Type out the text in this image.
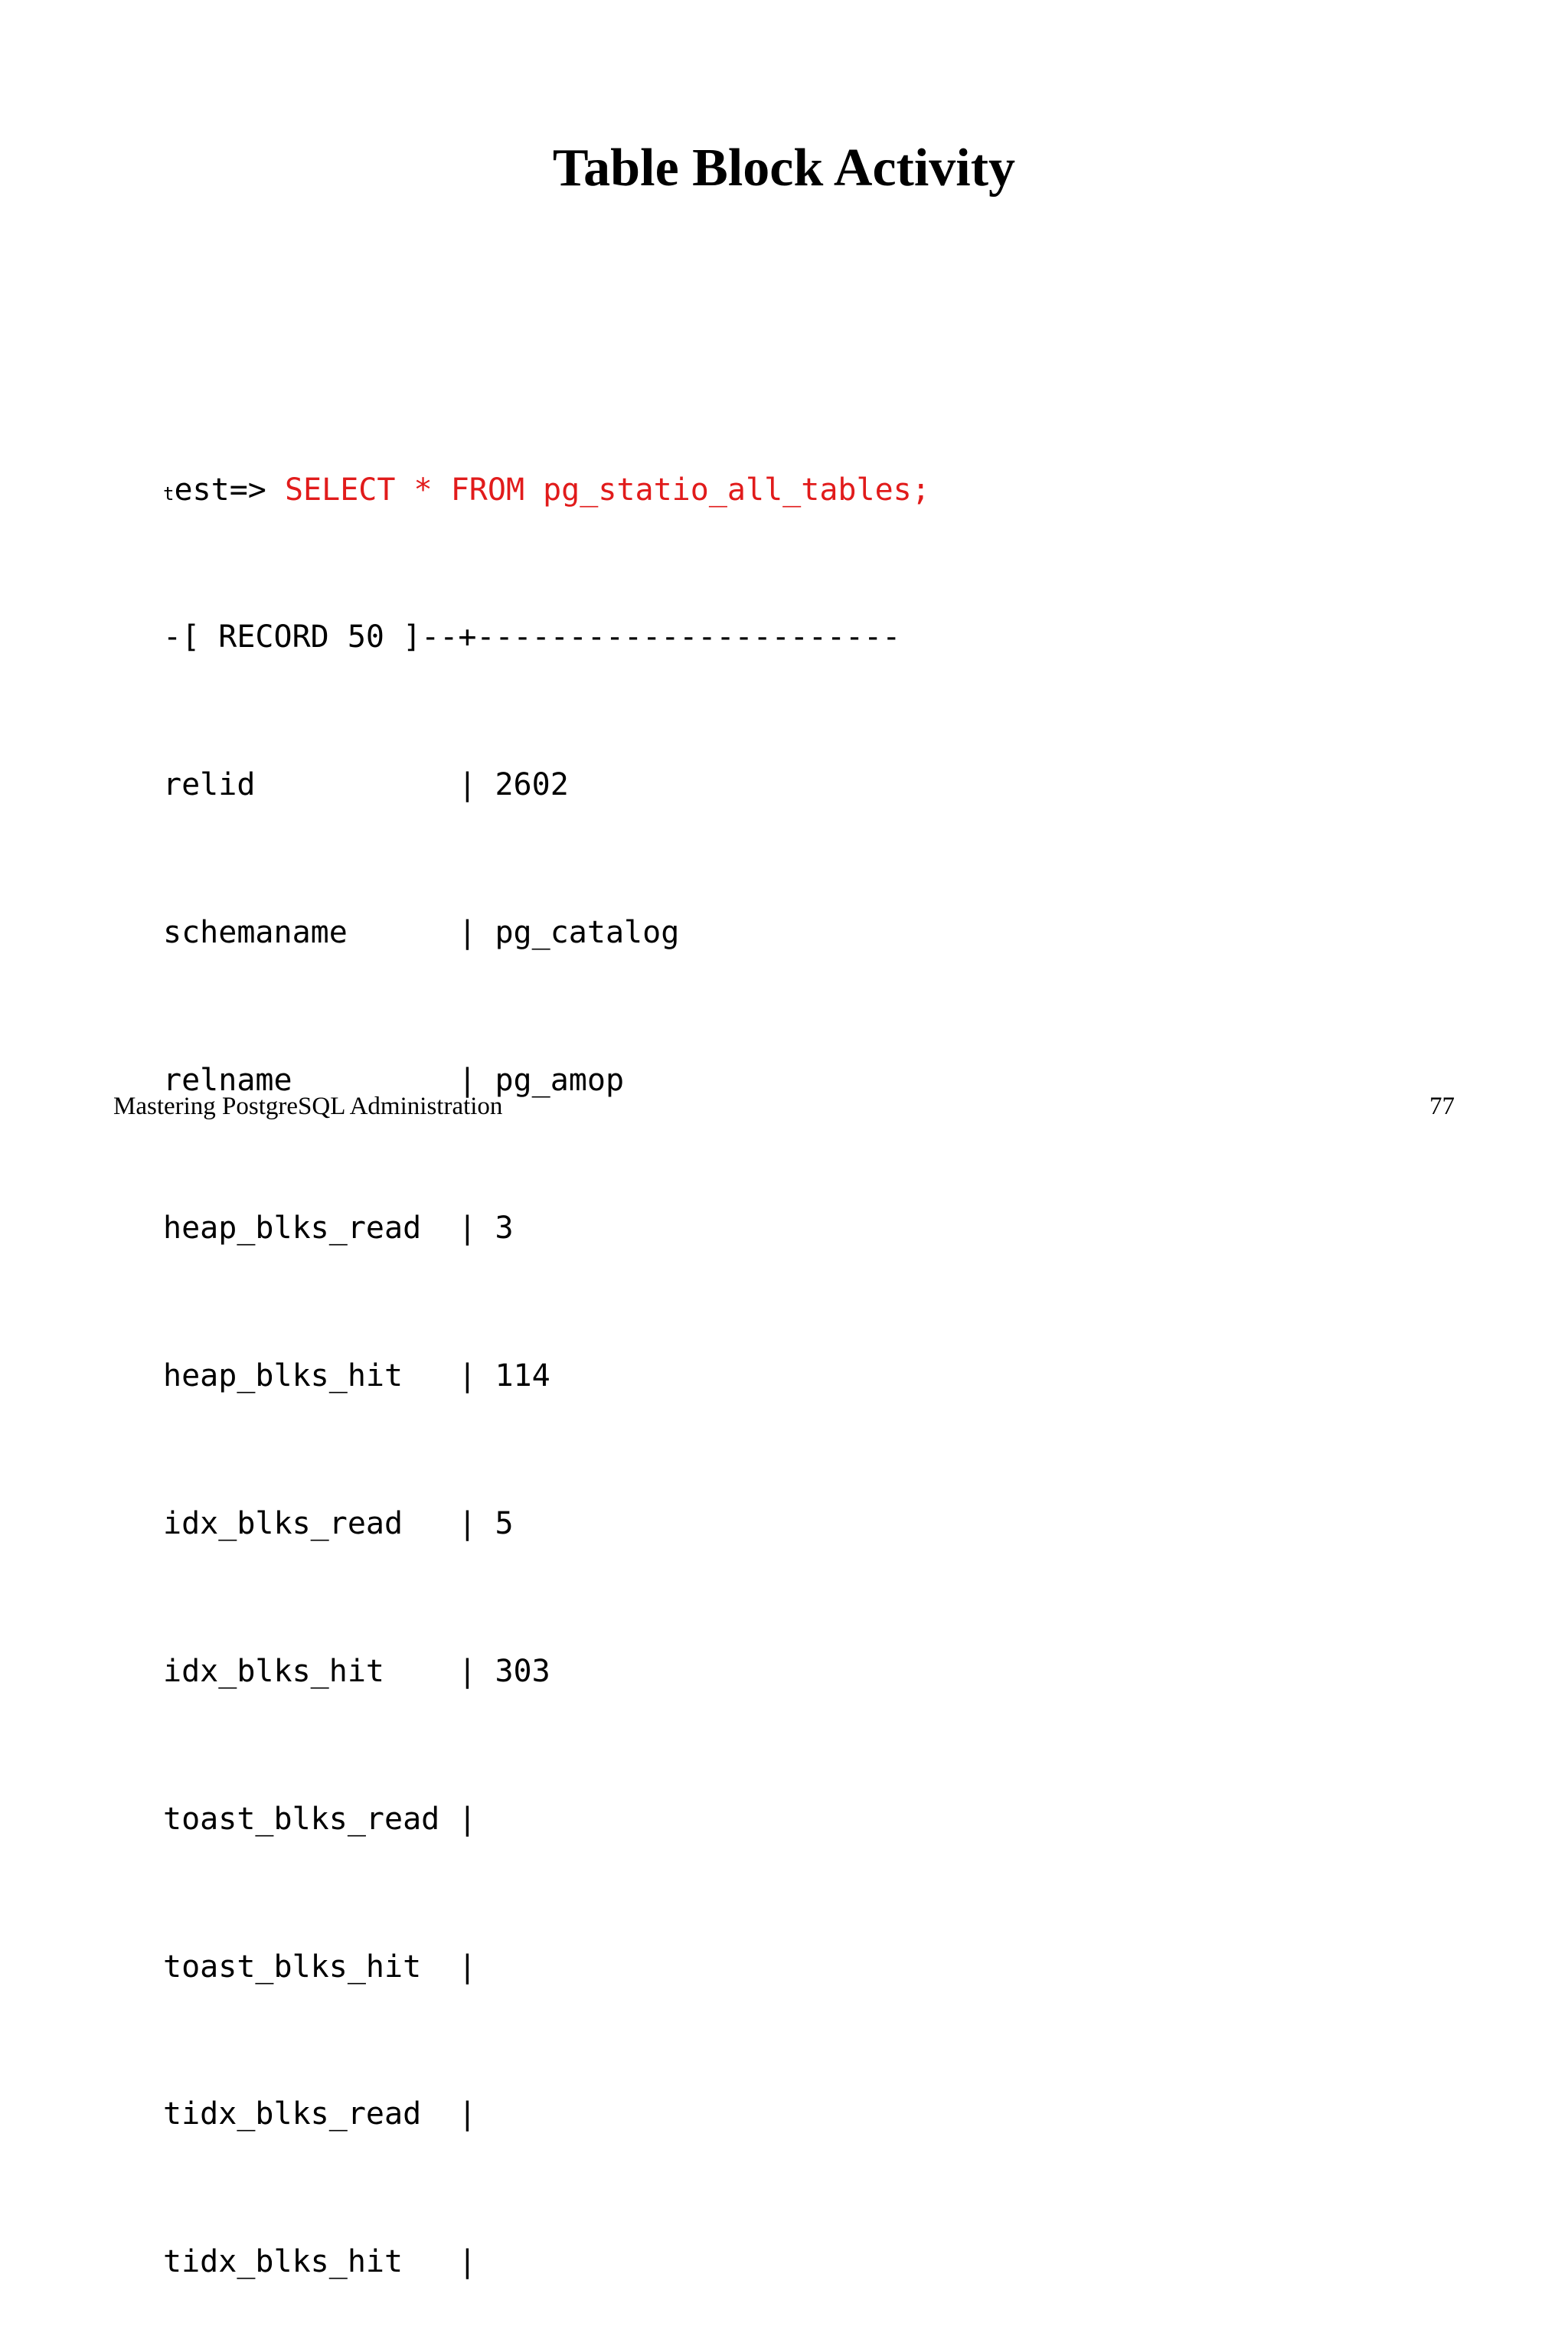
Table Block Activity

test=> SELECT * FROM pg_statio_all_tables;

-[ RECORD 50 ]--+-----------------------

relid           | 2602

schemaname      | pg_catalog

relname         | pg_amop

heap_blks_read  | 3

heap_blks_hit   | 114

idx_blks_read   | 5

idx_blks_hit    | 303

toast_blks_read |

toast_blks_hit  |

tidx_blks_read  |

tidx_blks_hit   |

Mastering PostgreSQL Administration	77
